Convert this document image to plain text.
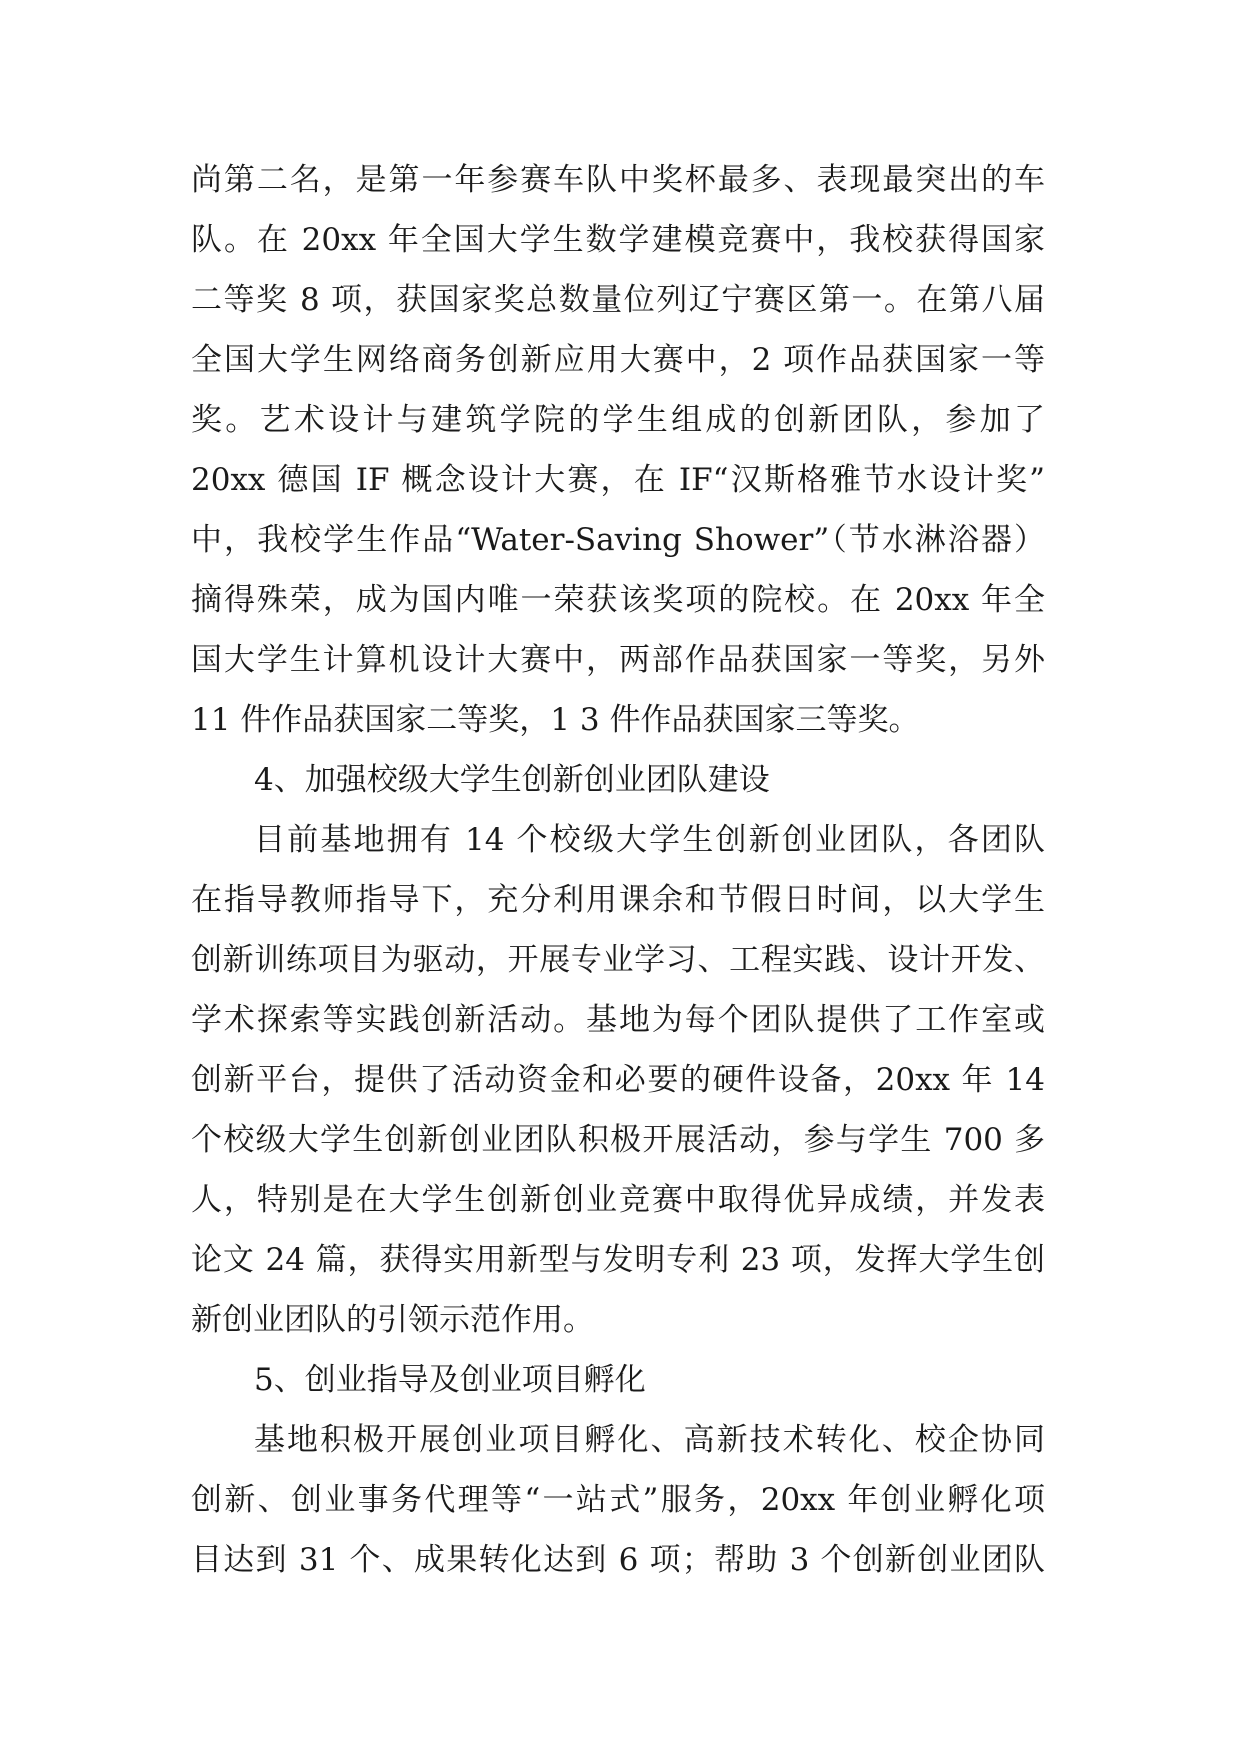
尚第二名，是第一年参赛车队中奖杯最多、表现最突出的车
队。在 20xx 年全国大学生数学建模竞赛中，我校获得国家
二等奖 8 项，获国家奖总数量位列辽宁赛区第一。在第八届
全国大学生网络商务创新应用大赛中，2 项作品获国家一等
奖。艺术设计与建筑学院的学生组成的创新团队，参加了
20xx 德国 IF 概念设计大赛，在 IF“汉斯格雅节水设计奖”
中，我校学生作品“Water-Saving Shower”（节水淋浴器）
摘得殊荣，成为国内唯一荣获该奖项的院校。在 20xx 年全
国大学生计算机设计大赛中，两部作品获国家一等奖，另外
11 件作品获国家二等奖，1 3 件作品获国家三等奖。
4、加强校级大学生创新创业团队建设
目前基地拥有 14 个校级大学生创新创业团队，各团队
在指导教师指导下，充分利用课余和节假日时间，以大学生
创新训练项目为驱动，开展专业学习、工程实践、设计开发、
学术探索等实践创新活动。基地为每个团队提供了工作室或
创新平台，提供了活动资金和必要的硬件设备，20xx 年 14
个校级大学生创新创业团队积极开展活动，参与学生 700 多
人，特别是在大学生创新创业竞赛中取得优异成绩，并发表
论文 24 篇，获得实用新型与发明专利 23 项，发挥大学生创
新创业团队的引领示范作用。
5、创业指导及创业项目孵化
基地积极开展创业项目孵化、高新技术转化、校企协同
创新、创业事务代理等“一站式”服务，20xx 年创业孵化项
目达到 31 个、成果转化达到 6 项；帮助 3 个创新创业团队
